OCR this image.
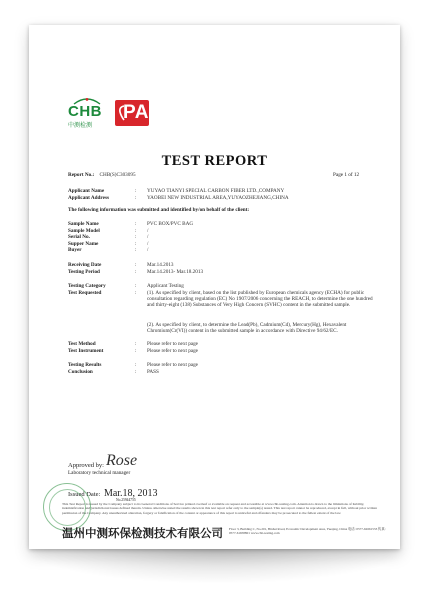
CHB
中测检测
PAI
TEST REPORT
Report No.: CHB(S)C303095	Page 1 of 12
Applicant Name	: YUYAO TIANYI SPECIAL CARBON FIBER LTD.,COMPANY
Applicant Address	: YAOBEI NEW INDUSTRIAL AREA,YUYAOZHEJIANG,CHINA
The following information was submitted and identified by/on behalf of the client:
Sample Name	: PVC BOX/PVC BAG
Sample Model	: /
Serial No.	: /
Supper Name	: /
Buyer	: /
Receiving Date	: Mar.14.2013
Testing Period	: Mar.14.2013- Mar.18.2013
Testing Category	: Applicant Testing
Test Requested	: (1). As specified by client, based on the list published by European chemicals agency (ECHA) for public consultation regarding regulation (EC) No 1907/2006 concerning the REACH, to determine the one hundred and thirty-eight (138) Substances of Very High Concern (SVHC) content in the submitted sample.
(2). As specified by client, to determine the Lead(Pb), Cadmium(Cd), Mercury(Hg), Hexavalent Chromium(Cr(VI)) content in the submitted sample in accordance with Directive 94/62/EC.
Test Method	: Please refer to next page
Test Instrument	: Please refer to next page
Testing Results	: Please refer to next page
Conclusion	: PASS
Approved by: Rose
Laboratory technical manager
Issued Date: Mar.18, 2013
No.25944755
This Test Report is issued by the Company subject to its General Conditions of Service printed overleaf or available on request and accessible at www.chb-testing.com. Attention is drawn to the limitations of liability, indemnification and jurisdictional issues defined therein. Unless otherwise stated the results shown in this test report refer only to the sample(s) tested. This test report cannot be reproduced, except in full, without prior written permission of the Company. Any unauthorized alteration, forgery or falsification of the content or appearance of this report is unlawful and offenders may be prosecuted to the fullest extent of the law.
温州中测环保检测技术有限公司 Floor 3, Building C, No.201, Binhai Road, Economic Development Area, Yueqing, China 电话: 0577-62661533 传真: 0577-61658801 www.chb-testing.com
